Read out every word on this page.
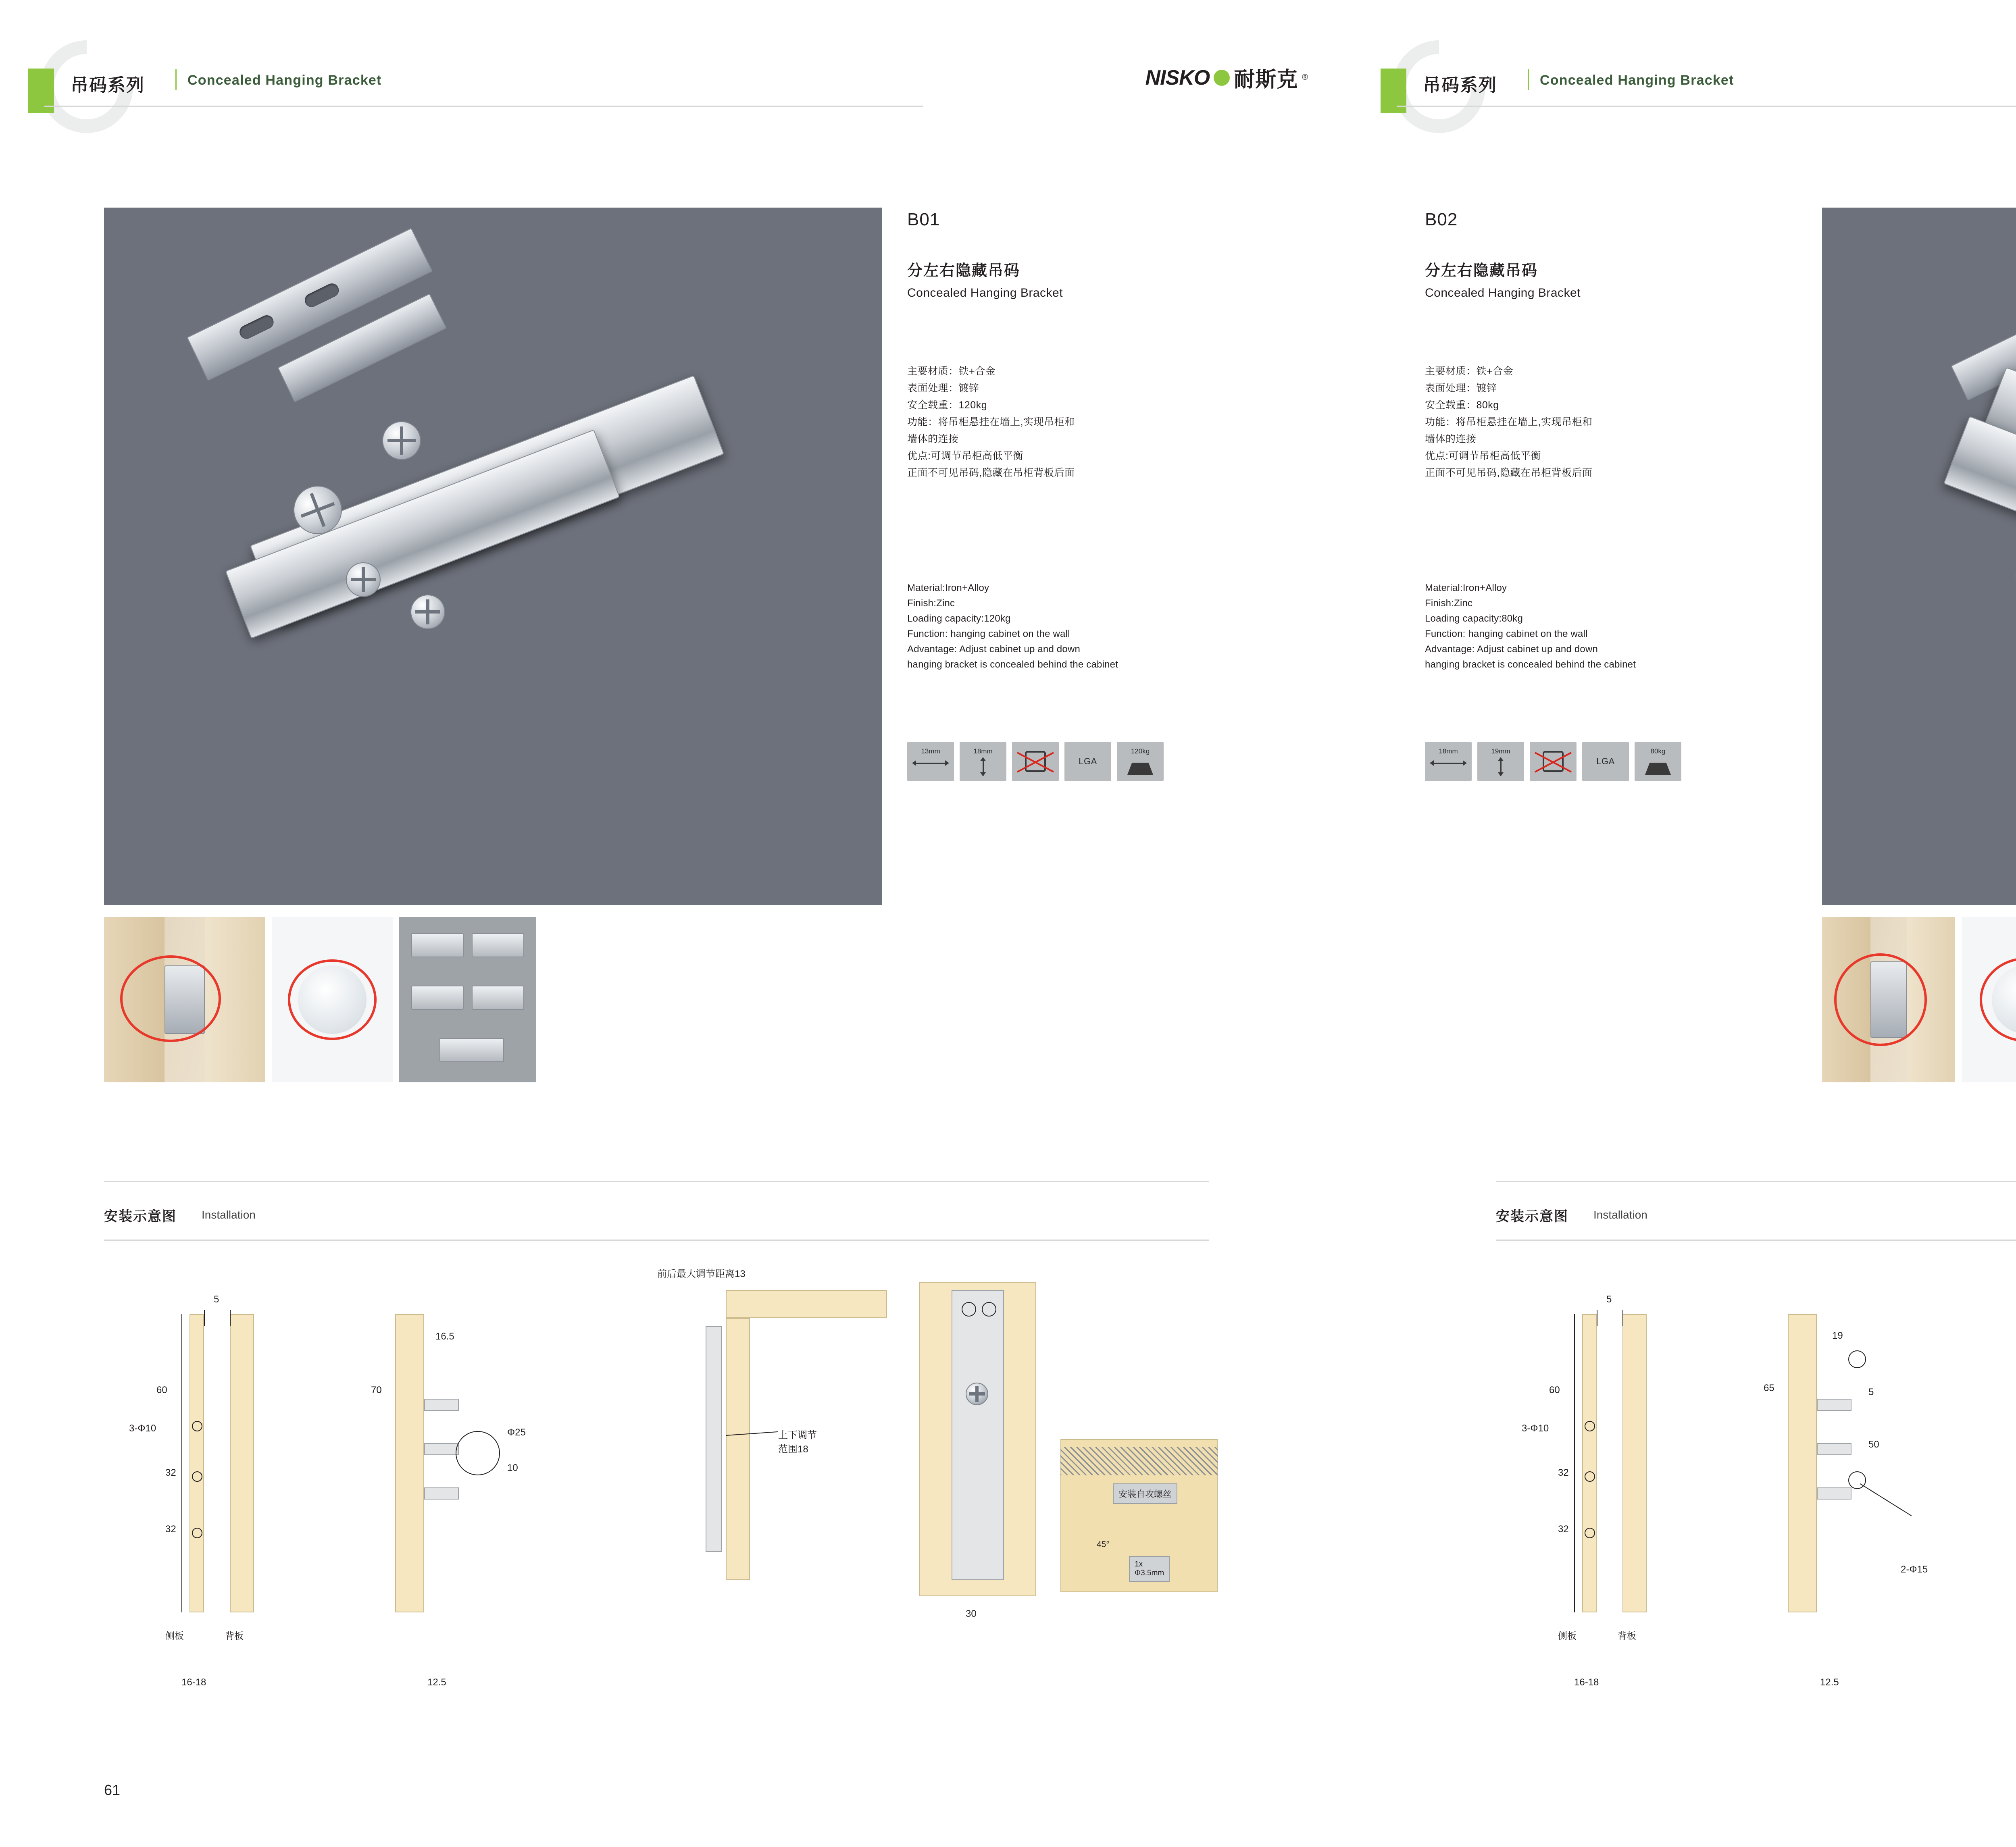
吊码系列	Concealed Hanging Bracket	NISKO 耐斯克 ®
B01
分左右隐藏吊码
Concealed Hanging Bracket
主要材质：铁+合金
表面处理：镀锌
安全载重：120kg
功能：将吊柜悬挂在墙上,实现吊柜和
墙体的连接
优点:可调节吊柜高低平衡
正面不可见吊码,隐藏在吊柜背板后面
Material:Iron+Alloy
Finish:Zinc
Loading capacity:120kg
Function: hanging cabinet on the wall
Advantage: Adjust cabinet up and down
hanging bracket is concealed behind the cabinet
13mm	18mm
LGA
120kg
安装示意图 Installation
5
60
3-Φ10
32
32
侧板	背板
16-18
16.5
70
Φ25
10
12.5
前后最大调节距离13
上下调节
范围18
30
安装自攻螺丝
45°
1x
Φ3.5mm
61
吊码系列	Concealed Hanging Bracket
B02
分左右隐藏吊码
Concealed Hanging Bracket
主要材质：铁+合金
表面处理：镀锌
安全载重：80kg
功能：将吊柜悬挂在墙上,实现吊柜和
墙体的连接
优点:可调节吊柜高低平衡
正面不可见吊码,隐藏在吊柜背板后面
Material:Iron+Alloy
Finish:Zinc
Loading capacity:80kg
Function: hanging cabinet on the wall
Advantage: Adjust cabinet up and down
hanging bracket is concealed behind the cabinet
18mm	19mm
LGA
80kg
安装示意图 Installation
5
60
3-Φ10
32
32
侧板	背板
16-18
19
65	5
50
2-Φ15
12.5
